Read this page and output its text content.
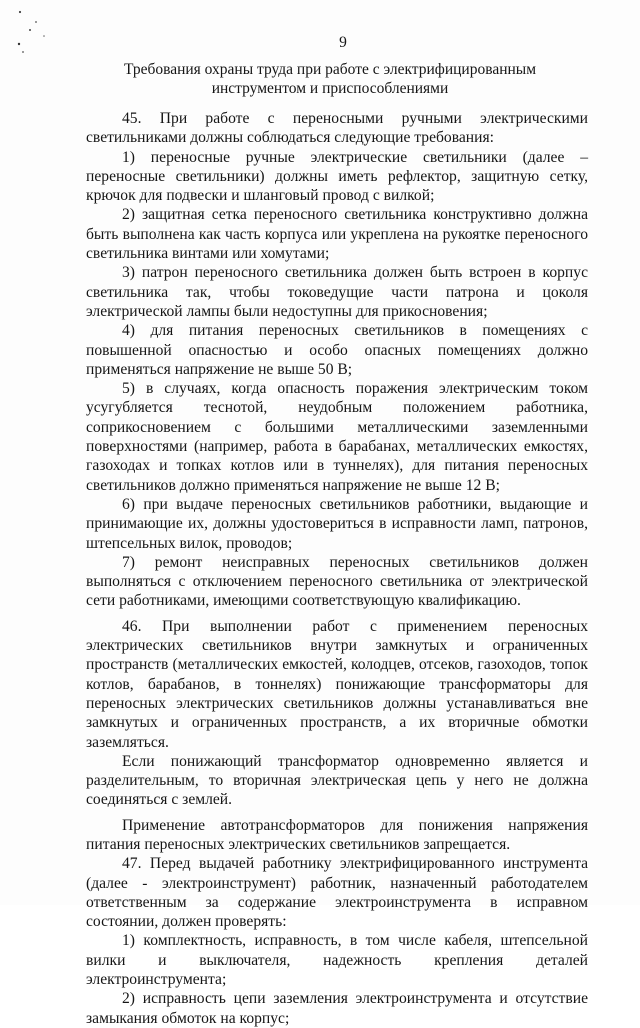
9
Требования охраны труда при работе с электрифицированным
инструментом и приспособлениями

45. При работе с переносными ручными электрическими светильниками должны соблюдаться следующие требования:

1) переносные ручные электрические светильники (далее – переносные светильники) должны иметь рефлектор, защитную сетку, крючок для подвески и шланговый провод с вилкой;

2) защитная сетка переносного светильника конструктивно должна быть выполнена как часть корпуса или укреплена на рукоятке переносного светильника винтами или хомутами;

3) патрон переносного светильника должен быть встроен в корпус светильника так, чтобы токоведущие части патрона и цоколя электрической лампы были недоступны для прикосновения;

4) для питания переносных светильников в помещениях с повышенной опасностью и особо опасных помещениях должно применяться напряжение не выше 50 В;

5) в случаях, когда опасность поражения электрическим током усугубляется теснотой, неудобным положением работника, соприкосновением с большими металлическими заземленными поверхностями (например, работа в барабанах, металлических емкостях, газоходах и топках котлов или в туннелях), для питания переносных светильников должно применяться напряжение не выше 12 В;

6) при выдаче переносных светильников работники, выдающие и принимающие их, должны удостовериться в исправности ламп, патронов, штепсельных вилок, проводов;

7) ремонт неисправных переносных светильников должен выполняться с отключением переносного светильника от электрической сети работниками, имеющими соответствующую квалификацию.

46. При выполнении работ с применением переносных электрических светильников внутри замкнутых и ограниченных пространств (металлических емкостей, колодцев, отсеков, газоходов, топок котлов, барабанов, в тоннелях) понижающие трансформаторы для переносных электрических светильников должны устанавливаться вне замкнутых и ограниченных пространств, а их вторичные обмотки заземляться.

Если понижающий трансформатор одновременно является и разделительным, то вторичная электрическая цепь у него не должна соединяться с землей.

Применение автотрансформаторов для понижения напряжения питания переносных электрических светильников запрещается.

47. Перед выдачей работнику электрифицированного инструмента (далее - электроинструмент) работник, назначенный работодателем ответственным за содержание электроинструмента в исправном состоянии, должен проверять:

1) комплектность, исправность, в том числе кабеля, штепсельной вилки и выключателя, надежность крепления деталей электроинструмента;

2) исправность цепи заземления электроинструмента и отсутствие замыкания обмоток на корпус;
